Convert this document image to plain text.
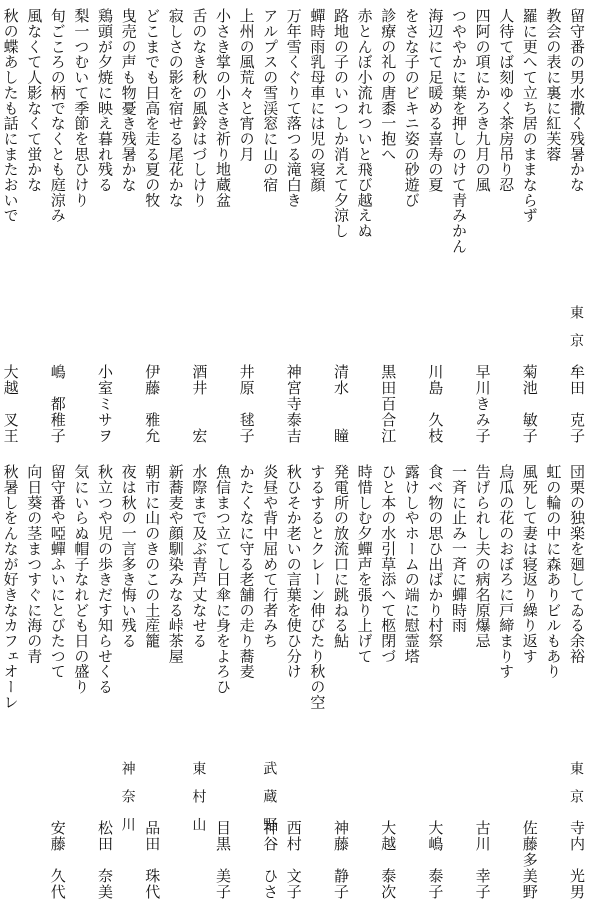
留守番の男水撒く残暑かな
東京
牟田　克子
教会の表に裏に紅芙蓉
羅に更へて立ち居のままならず
菊池　敏子
人待てば刻ゆく茶房吊り忍
四阿の項にかろき九月の風
早川きみ子
つややかに葉を押しのけて青みかん
海辺にて足暖める喜寿の夏
川島　久枝
をさな子のビキニ姿の砂遊び
診療の礼の唐黍一抱へ
黒田百合江
赤とんぼ小流れついと飛び越えぬ
路地の子のいつしか消えて夕涼し
清水　　瞳
蟬時雨乳母車には児の寝顔
万年雪くぐりて落つる滝白き
神宮寺泰吉
アルプスの雪渓窓に山の宿
上州の風荒々と宵の月
井原　毬子
小さき掌の小さき祈り地蔵盆
舌のなき秋の風鈴はづしけり
酒井　　宏
寂しさの影を宿せる尾花かな
どこまでも日高を走る夏の牧
伊藤　雅允
曳売の声も物憂き残暑かな
鶏頭が夕焼に映え暮れ残る
小室ミサヲ
梨一つむいて季節を思ひけり
旬ごころの柄でなくとも庭涼み
嶋　都稚子
風なくて人影なくて蛍かな
秋の蝶あしたも話にまたおいで
大越　叉王
団栗の独楽を廻してゐる余裕
東京
寺内　光男
虹の輪の中に森ありビルもあり
風死して妻は寝返り繰り返す
佐藤多美野
烏瓜の花のおぼろに戸締まりす
告げられし夫の病名原爆忌
古川　幸子
一斉に止み一斉に蟬時雨
食べ物の思ひ出ばかり村祭
大嶋　泰子
露けしやホームの端に慰霊塔
ひと本の水引草添へて柩閉づ
大越　泰次
時惜しむ夕蟬声を張り上げて
発電所の放流口に跳ねる鮎
神藤　静子
するするとクレーン伸びたり秋の空
秋ひそか老いの言葉を使ひ分け
西村　文子
炎昼や背中屈めて行者みち
武蔵野
神谷　ひさ
かたくなに守る老舗の走り蕎麦
魚信まつ立てし日傘に身をよろひ
目黒　美子
水際まで及ぶ青芦丈なせる
東村山
新蕎麦や顔馴染みなる峠茶屋
朝市に山のきのこの土産籠
品田　珠代
夜は秋の一言多き悔い残る
神奈川
秋立つや児の歩きだす知らせくる
松田　奈美
気にいらぬ帽子なれども日の盛り
留守番や啞蟬ふいにとびたつて
安藤　久代
向日葵の茎まつすぐに海の青
秋暑しをんなが好きなカフェオーレ
